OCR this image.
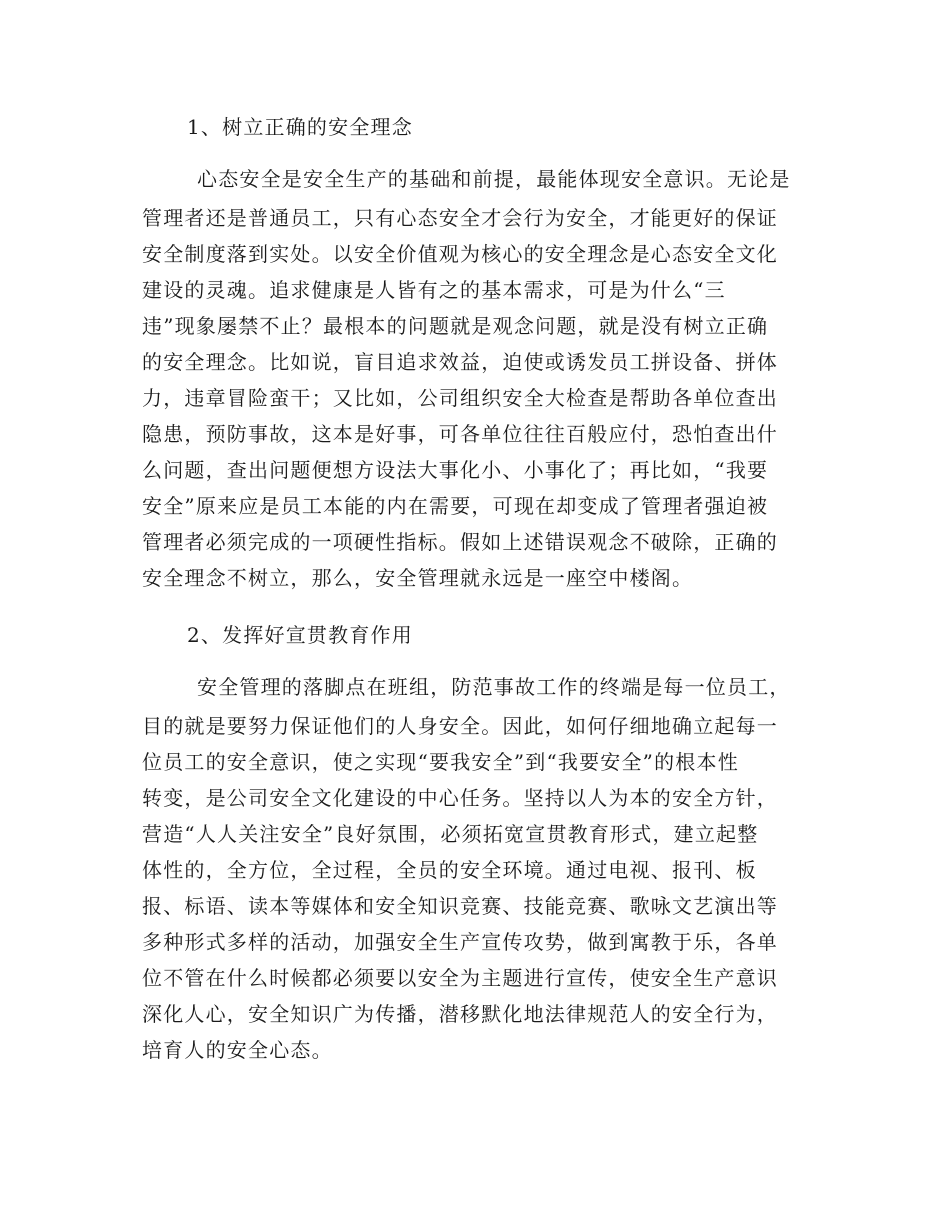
1、树立正确的安全理念
心态安全是安全生产的基础和前提，最能体现安全意识。无论是
管理者还是普通员工，只有心态安全才会行为安全，才能更好的保证
安全制度落到实处。以安全价值观为核心的安全理念是心态安全文化
建设的灵魂。追求健康是人皆有之的基本需求，可是为什么“三
违”现象屡禁不止？最根本的问题就是观念问题，就是没有树立正确
的安全理念。比如说，盲目追求效益，迫使或诱发员工拼设备、拼体
力，违章冒险蛮干；又比如，公司组织安全大检查是帮助各单位查出
隐患，预防事故，这本是好事，可各单位往往百般应付，恐怕查出什
么问题，查出问题便想方设法大事化小、小事化了；再比如，“我要
安全”原来应是员工本能的内在需要，可现在却变成了管理者强迫被
管理者必须完成的一项硬性指标。假如上述错误观念不破除，正确的
安全理念不树立，那么，安全管理就永远是一座空中楼阁。
2、发挥好宣贯教育作用
安全管理的落脚点在班组，防范事故工作的终端是每一位员工，
目的就是要努力保证他们的人身安全。因此，如何仔细地确立起每一
位员工的安全意识，使之实现“要我安全”到“我要安全”的根本性
转变，是公司安全文化建设的中心任务。坚持以人为本的安全方针，
营造“人人关注安全”良好氛围，必须拓宽宣贯教育形式，建立起整
体性的，全方位，全过程，全员的安全环境。通过电视、报刊、板
报、标语、读本等媒体和安全知识竞赛、技能竞赛、歌咏文艺演出等
多种形式多样的活动，加强安全生产宣传攻势，做到寓教于乐，各单
位不管在什么时候都必须要以安全为主题进行宣传，使安全生产意识
深化人心，安全知识广为传播，潜移默化地法律规范人的安全行为，
培育人的安全心态。
